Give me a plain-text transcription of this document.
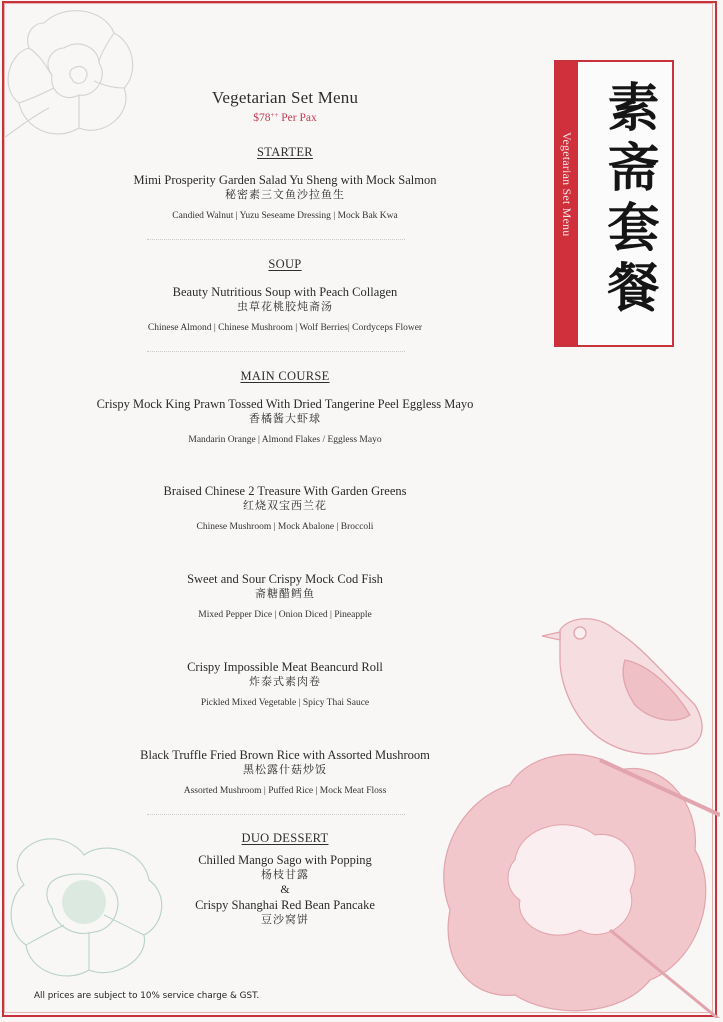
Vegetarian Set Menu 素斋套餐
Vegetarian Set Menu
$78++ Per Pax
STARTER
Mimi Prosperity Garden Salad Yu Sheng with Mock Salmon
秘密素三文鱼沙拉鱼生
Candied Walnut | Yuzu Seseame Dressing | Mock Bak Kwa
SOUP
Beauty Nutritious Soup with Peach Collagen
虫草花桃胶炖斋汤
Chinese Almond | Chinese Mushroom | Wolf Berries| Cordyceps Flower
MAIN COURSE
Crispy Mock King Prawn Tossed With Dried Tangerine Peel Eggless Mayo
香橘酱大虾球
Mandarin Orange | Almond Flakes / Eggless Mayo
Braised Chinese 2 Treasure With Garden Greens
红烧双宝西兰花
Chinese Mushroom | Mock Abalone | Broccoli
Sweet and Sour Crispy Mock Cod Fish
斋糖醋鳕鱼
Mixed Pepper Dice | Onion Diced | Pineapple
Crispy Impossible Meat Beancurd Roll
炸泰式素肉卷
Pickled Mixed Vegetable | Spicy Thai Sauce
Black Truffle Fried Brown Rice with Assorted Mushroom
黑松露什菇炒饭
Assorted Mushroom | Puffed Rice | Mock Meat Floss
DUO DESSERT
Chilled Mango Sago with Popping
杨枝甘露
&
Crispy Shanghai Red Bean Pancake
豆沙窝饼
All prices are subject to 10% service charge & GST.
